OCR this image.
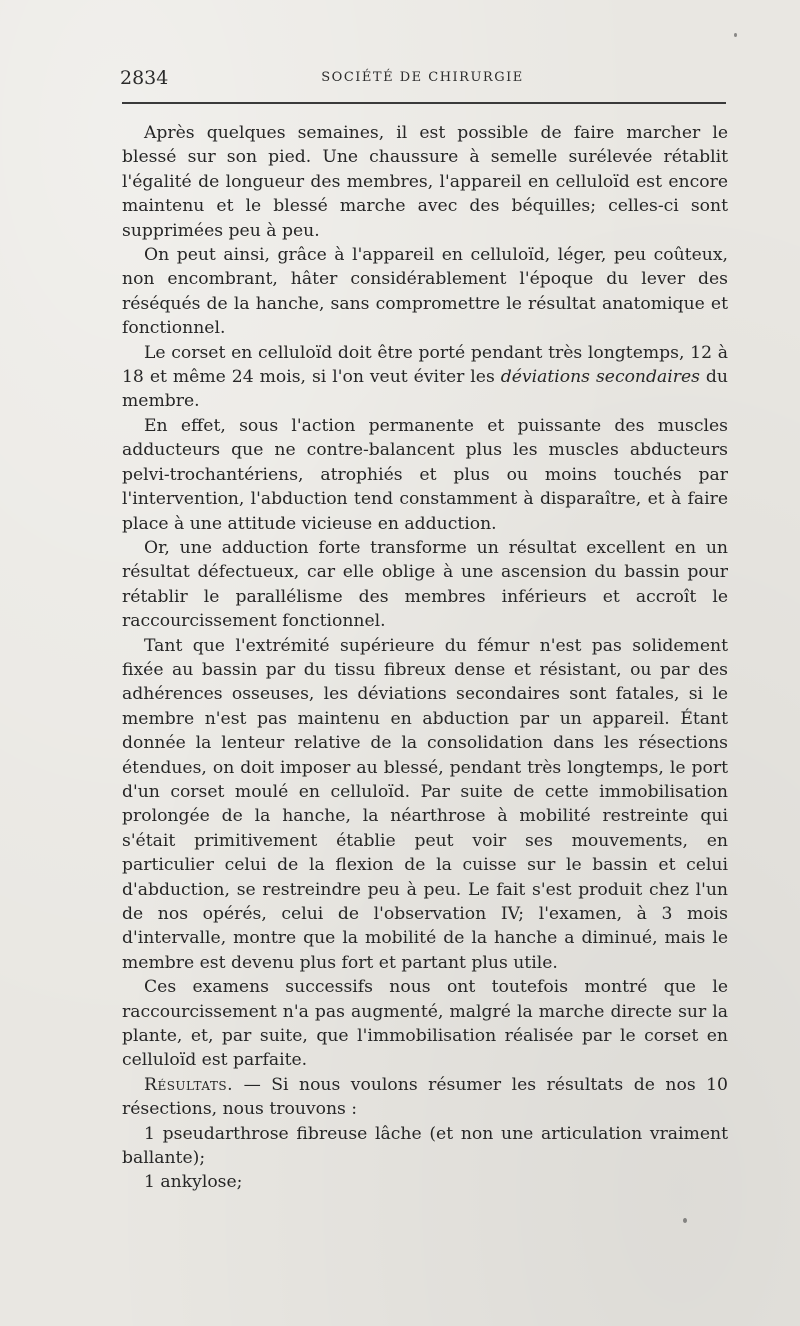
2834	SOCIÉTÉ DE CHIRURGIE

Après quelques semaines, il est possible de faire marcher le blessé sur son pied. Une chaussure à semelle surélevée rétablit l'égalité de longueur des membres, l'appareil en celluloïd est encore maintenu et le blessé marche avec des béquilles; celles-ci sont supprimées peu à peu.

On peut ainsi, grâce à l'appareil en celluloïd, léger, peu coûteux, non encombrant, hâter considérablement l'époque du lever des réséqués de la hanche, sans compromettre le résultat anatomique et fonctionnel.

Le corset en celluloïd doit être porté pendant très longtemps, 12 à 18 et même 24 mois, si l'on veut éviter les déviations secondaires du membre.

En effet, sous l'action permanente et puissante des muscles adducteurs que ne contre-balancent plus les muscles abducteurs pelvi-trochantériens, atrophiés et plus ou moins touchés par l'intervention, l'abduction tend constamment à disparaître, et à faire place à une attitude vicieuse en adduction.

Or, une adduction forte transforme un résultat excellent en un résultat défectueux, car elle oblige à une ascension du bassin pour rétablir le parallélisme des membres inférieurs et accroît le raccourcissement fonctionnel.

Tant que l'extrémité supérieure du fémur n'est pas solidement fixée au bassin par du tissu fibreux dense et résistant, ou par des adhérences osseuses, les déviations secondaires sont fatales, si le membre n'est pas maintenu en abduction par un appareil. Étant donnée la lenteur relative de la consolidation dans les résections étendues, on doit imposer au blessé, pendant très longtemps, le port d'un corset moulé en celluloïd. Par suite de cette immobilisation prolongée de la hanche, la néarthrose à mobilité restreinte qui s'était primitivement établie peut voir ses mouvements, en particulier celui de la flexion de la cuisse sur le bassin et celui d'abduction, se restreindre peu à peu. Le fait s'est produit chez l'un de nos opérés, celui de l'observation IV; l'examen, à 3 mois d'intervalle, montre que la mobilité de la hanche a diminué, mais le membre est devenu plus fort et partant plus utile.

Ces examens successifs nous ont toutefois montré que le raccourcissement n'a pas augmenté, malgré la marche directe sur la plante, et, par suite, que l'immobilisation réalisée par le corset en celluloïd est parfaite.

Résultats. — Si nous voulons résumer les résultats de nos 10 résections, nous trouvons :

1 pseudarthrose fibreuse lâche (et non une articulation vraiment ballante);

1 ankylose;
